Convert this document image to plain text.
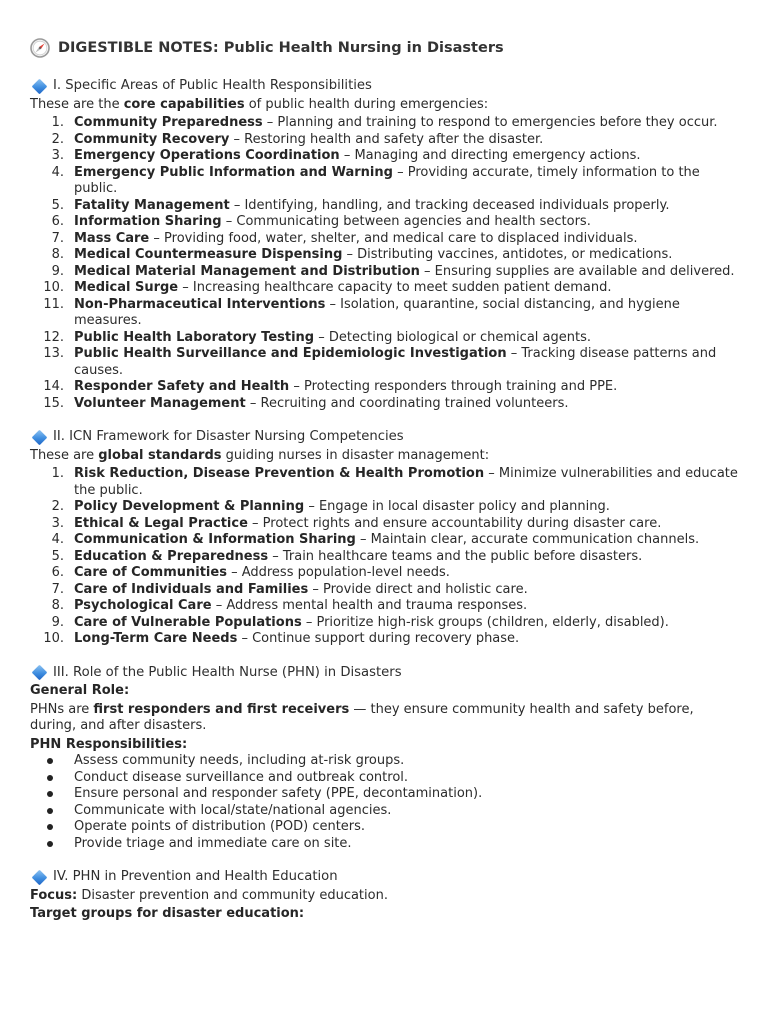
DIGESTIBLE NOTES: Public Health Nursing in Disasters
I. Specific Areas of Public Health Responsibilities
These are the core capabilities of public health during emergencies:
1. Community Preparedness – Planning and training to respond to emergencies before they occur.
2. Community Recovery – Restoring health and safety after the disaster.
3. Emergency Operations Coordination – Managing and directing emergency actions.
4. Emergency Public Information and Warning – Providing accurate, timely information to the public.
5. Fatality Management – Identifying, handling, and tracking deceased individuals properly.
6. Information Sharing – Communicating between agencies and health sectors.
7. Mass Care – Providing food, water, shelter, and medical care to displaced individuals.
8. Medical Countermeasure Dispensing – Distributing vaccines, antidotes, or medications.
9. Medical Material Management and Distribution – Ensuring supplies are available and delivered.
10. Medical Surge – Increasing healthcare capacity to meet sudden patient demand.
11. Non-Pharmaceutical Interventions – Isolation, quarantine, social distancing, and hygiene measures.
12. Public Health Laboratory Testing – Detecting biological or chemical agents.
13. Public Health Surveillance and Epidemiologic Investigation – Tracking disease patterns and causes.
14. Responder Safety and Health – Protecting responders through training and PPE.
15. Volunteer Management – Recruiting and coordinating trained volunteers.
II. ICN Framework for Disaster Nursing Competencies
These are global standards guiding nurses in disaster management:
1. Risk Reduction, Disease Prevention & Health Promotion – Minimize vulnerabilities and educate the public.
2. Policy Development & Planning – Engage in local disaster policy and planning.
3. Ethical & Legal Practice – Protect rights and ensure accountability during disaster care.
4. Communication & Information Sharing – Maintain clear, accurate communication channels.
5. Education & Preparedness – Train healthcare teams and the public before disasters.
6. Care of Communities – Address population-level needs.
7. Care of Individuals and Families – Provide direct and holistic care.
8. Psychological Care – Address mental health and trauma responses.
9. Care of Vulnerable Populations – Prioritize high-risk groups (children, elderly, disabled).
10. Long-Term Care Needs – Continue support during recovery phase.
III. Role of the Public Health Nurse (PHN) in Disasters
General Role:
PHNs are first responders and first receivers — they ensure community health and safety before, during, and after disasters.
PHN Responsibilities:
Assess community needs, including at-risk groups.
Conduct disease surveillance and outbreak control.
Ensure personal and responder safety (PPE, decontamination).
Communicate with local/state/national agencies.
Operate points of distribution (POD) centers.
Provide triage and immediate care on site.
IV. PHN in Prevention and Health Education
Focus: Disaster prevention and community education.
Target groups for disaster education:
